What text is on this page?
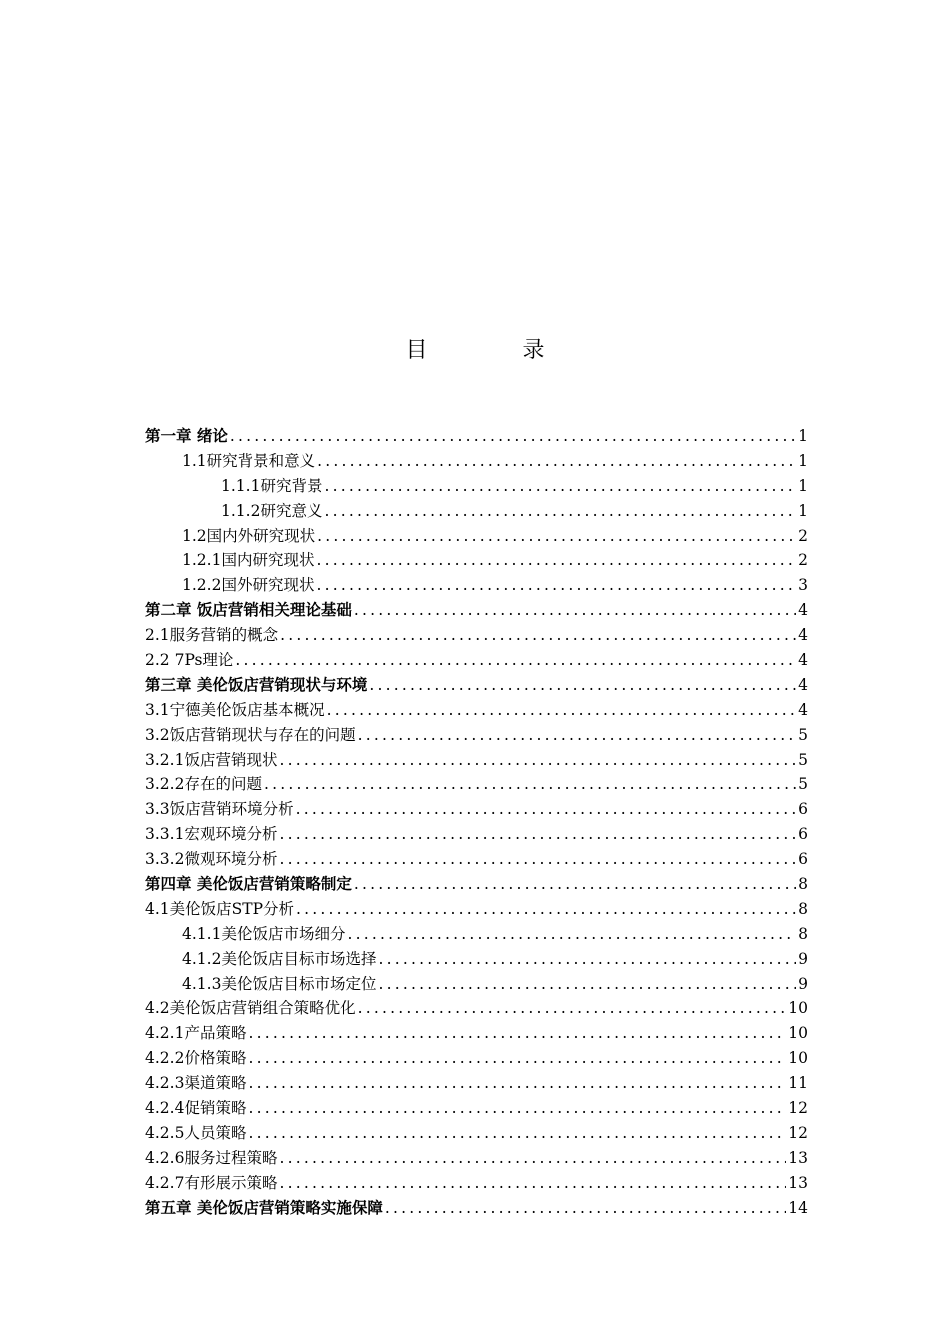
目 录
第一章 绪论 .....	1
1.1研究背景和意义 .....	1
1.1.1研究背景 .....	1
1.1.2研究意义 .....	1
1.2国内外研究现状 .....	2
1.2.1国内研究现状 .....	2
1.2.2国外研究现状 .....	3
第二章 饭店营销相关理论基础 .....	4
2.1服务营销的概念 .....	4
2.2 7Ps理论 .....	4
第三章 美伦饭店营销现状与环境 .....	4
3.1宁德美伦饭店基本概况 .....	4
3.2饭店营销现状与存在的问题 .....	5
3.2.1饭店营销现状 .....	5
3.2.2存在的问题 .....	5
3.3饭店营销环境分析 .....	6
3.3.1宏观环境分析 .....	6
3.3.2微观环境分析 .....	6
第四章 美伦饭店营销策略制定 .....	8
4.1美伦饭店STP分析 .....	8
4.1.1美伦饭店市场细分 .....	8
4.1.2美伦饭店目标市场选择 .....	9
4.1.3美伦饭店目标市场定位 .....	9
4.2美伦饭店营销组合策略优化 .....	10
4.2.1产品策略 .....	10
4.2.2价格策略 .....	10
4.2.3渠道策略 .....	11
4.2.4促销策略 .....	12
4.2.5人员策略 .....	12
4.2.6服务过程策略 .....	13
4.2.7有形展示策略 .....	13
第五章 美伦饭店营销策略实施保障 .....	14
